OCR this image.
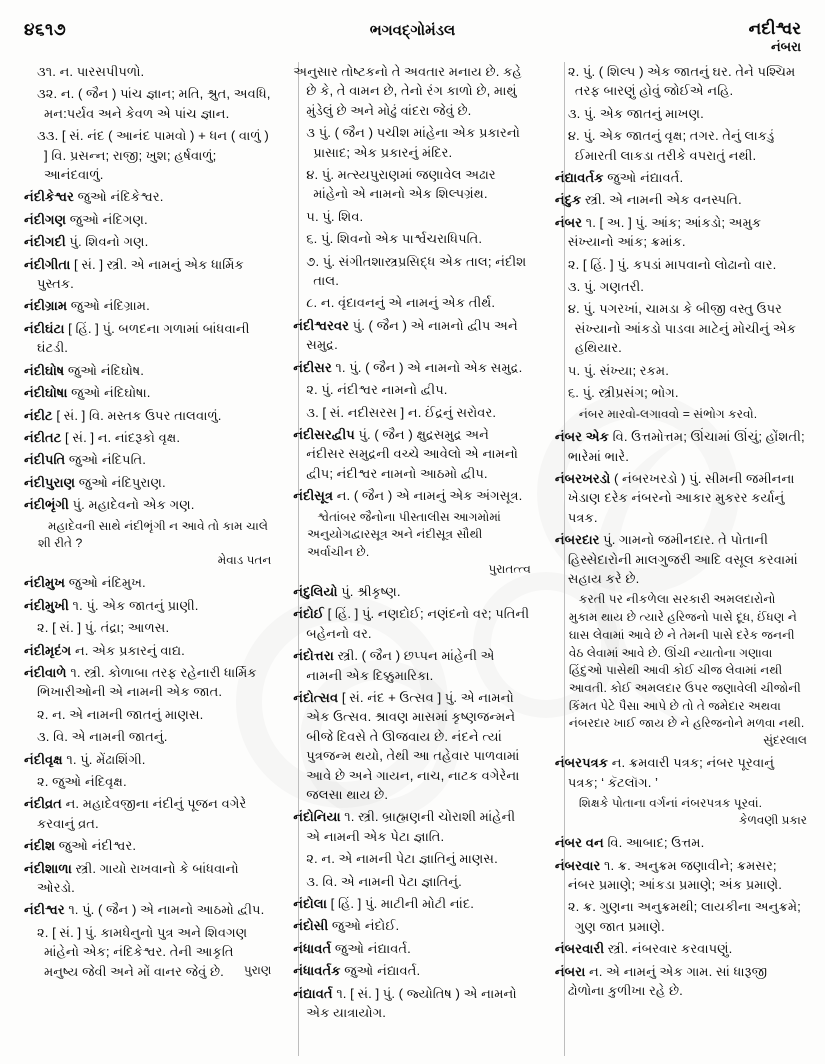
૪૬૧૭	ભગવદ્ગોમંડલ	નદીશ્વર
નંબરા

૩૧. ન. પારસપીપળો.

૩૨. ન. ( જૈન ) પાંચ જ્ઞાન; મતિ, શ્રુત, અવધિ, મન:પર્યવ અને કેવળ એ પાંચ જ્ઞાન.

૩૩. [ સં. નંદ ( આનંદ પામવો ) + ધન ( વાળું ) ] વિ. પ્રસન્ન; રાજી; ખુશ; હર્ષવાળું; આનંદવાળું.

નંદીકેશ્વર જુઓ નંદિકેશ્વર.

નંદીગણ જુઓ નંદિગણ.

નંદીગદી પું. શિવનો ગણ.

નંદીગીતા [ સં. ] સ્ત્રી. એ નામનું એક ધાર્મિક પુસ્તક.

નંદીગ્રામ જુઓ નંદિગ્રામ.

નંદીઘંટા [ હિં. ] પું. બળદના ગળામાં બાંધવાની ઘંટડી.

નંદીઘોષ જુઓ નંદિઘોષ.

નંદીઘોષા જુઓ નંદિઘોષા.

નંદીટ [ સં. ] વિ. મસ્તક ઉપર તાલવાળું.

નંદીતટ [ સં. ] ન. નાંદરૂકો વૃક્ષ.

નંદીપતિ જુઓ નંદિપતિ.

નંદીપુરાણ જુઓ નંદિપુરાણ.

નંદીભૃંગી પું. મહાદેવનો એક ગણ.

મહાદેવની સાથે નંદીભૃંગી ન આવે તો કામ ચાલે શી રીતે ?
મેવાડ પતન

નંદીમુખ જુઓ નંદિમુખ.

નંદીમુખી ૧. પું. એક જાતનું પ્રાણી.

૨. [ સં. ] પું. તંદ્રા; આળસ.

નંદીમૃદંગ ન. એક પ્રકારનું વાદ્ય.

નંદીવાળે ૧. સ્ત્રી. કોળાબા તરફ રહેનારી ધાર્મિક ભિખારીઓની એ નામની એક જાત.

૨. ન. એ નામની જાતનું માણસ.

૩. વિ. એ નામની જાતનું.

નંદીવૃક્ષ ૧. પું. મેંઢાશિંગી.

૨. જુઓ નંદિવૃક્ષ.

નંદીવ્રત ન. મહાદેવજીના નંદીનું પૂજન વગેરે કરવાનું વ્રત.

નંદીશ જુઓ નંદીશ્વર.

નંદીશાળા સ્ત્રી. ગાયો રાખવાનો કે બાંધવાનો ઓરડો.

નંદીશ્વર ૧. પું. ( જૈન ) એ નામનો આઠમો દ્વીપ.

૨. [ સં. ] પું. કામધેનુનો પુત્ર અને શિવગણ માંહેનો એક; નંદિકેશ્વર. તેની આકૃતિ મનુષ્ય જેવી અને મોં વાનર જેવું છે. પુરાણ

અનુસાર તોષ્ટકનો તે અવતાર મનાય છે. કહે છે કે, તે વામન છે, તેનો રંગ કાળો છે, માથું મુંડેલું છે અને મોઢું વાંદરા જેવું છે.

૩ પું. ( જૈન ) પચીશ માંહેના એક પ્રકારનો પ્રાસાદ; એક પ્રકારનું મંદિર.

૪. પું. મત્સ્યપુરાણમાં જણાવેલ અઢાર માંહેનો એ નામનો એક શિલ્પગ્રંથ.

૫. પું. શિવ.

૬. પું. શિવનો એક પાર્શ્વચરાધિપતિ.

૭. પું. સંગીતશાસ્ત્રપ્રસિદ્ધ એક તાલ; નંદીશ તાલ.

૮. ન. વૃંદાવનનું એ નામનું એક તીર્થ.

નંદીશ્વરવર પું. ( જૈન ) એ નામનો દ્વીપ અને સમુદ્ર.

નંદીસર ૧. પું. ( જૈન ) એ નામનો એક સમુદ્ર.

૨. પું. નંદીશ્વર નામનો દ્વીપ.

૩. [ સં. નદીસરસ ] ન. ઈંદ્રનું સરોવર.

નંદીસરદ્વીપ પું. ( જૈન ) ક્ષુદ્રસમુદ્ર અને નંદીસર સમુદ્રની વચ્ચે આવેલો એ નામનો દ્વીપ; નંદીશ્વર નામનો આઠમો દ્વીપ.

નંદીસૂત્ર ન. ( જૈન ) એ નામનું એક અંગસૂત્ર.

શ્વેતાંબર જૈનોના પીસ્તાલીસ આગમોમાં અનુયોગદ્વારસૂત્ર અને નંદીસૂત્ર સૌથી અર્વાચીન છે.
પુરાતત્ત્વ

નંદુલિયો પું. શ્રીકૃષ્ણ.

નંદોઈ [ હિં. ] પું. નણદોઈ; નણંદનો વર; પતિની બહેનનો વર.

નંદોત્તરા સ્ત્રી. ( જૈન ) છપ્પન માંહેની એ નામની એક દિક્કુમારિકા.

નંદોત્સવ [ સં. નંદ + ઉત્સવ ] પું. એ નામનો એક ઉત્સવ. શ્રાવણ માસમાં કૃષ્ણજન્મને બીજે દિવસે તે ઊજવાય છે. નંદને ત્યાં પુત્રજન્મ થયો, તેથી આ તહેવાર પાળવામાં આવે છે અને ગાયન, નાચ, નાટક વગેરેના જલસા થાય છે.

નંદોનિયા ૧. સ્ત્રી. બ્રાહ્મણની ચોરાશી માંહેની એ નામની એક પેટા જ્ઞાતિ.

૨. ન. એ નામની પેટા જ્ઞાતિનું માણસ.

૩. વિ. એ નામની પેટા જ્ઞાતિનું.

નંદોલા [ હિં. ] પું. માટીની મોટી નાંદ.

નંદોસી જુઓ નંદોઈ.

નંધાવર્ત જુઓ નંદ્યાવર્ત.

નંધાવર્તક જુઓ નંદ્યાવર્ત.

નંદ્યાવર્ત ૧. [ સં. ] પું. ( જ્યોતિષ ) એ નામનો એક યાત્રાયોગ.

૨. પું. ( શિલ્પ ) એક જાતનું ઘર. તેને પશ્ચિમ તરફ બારણું હોવું જોઈએ નહિ.

૩. પું. એક જાતનું માખણ.

૪. પું. એક જાતનું વૃક્ષ; તગર. તેનું લાકડું ઈમારતી લાકડા તરીકે વપરાતું નથી.

નંદ્યાવર્તક જુઓ નંદ્યાવર્ત.

નંદુક સ્ત્રી. એ નામની એક વનસ્પતિ.

નંબર ૧. [ અ. ] પું. આંક; આંકડો; અમુક સંખ્યાનો આંક; ક્રમાંક.

૨. [ હિં. ] પું. કપડાં માપવાનો લોઢાનો વાર.

૩. પું. ગણતરી.

૪. પું. પગરખાં, ચામડા કે બીજી વસ્તુ ઉપર સંખ્યાનો આંકડો પાડવા માટેનું મોચીનું એક હથિયાર.

૫. પું. સંખ્યા; રકમ.

૬. પું. સ્ત્રીપ્રસંગ; ભોગ.

નંબર મારવો-લગાવવો = સંભોગ કરવો.

નંબર એક વિ. ઉત્તમોત્તમ; ઊંચામાં ઊંચું; હોંશતી; ભારેમાં ભારે.

નંબરખરડો ( નંબરખરડો ) પું. સીમની જમીનના ખેડાણ દરેક નંબરનો આકાર મુકરર કર્યાનું પત્રક.

નંબરદાર પું. ગામનો જમીનદાર. તે પોતાની હિસ્સેદારોની માલગુજરી આદિ વસૂલ કરવામાં સહાય કરે છે.

કરતી પર નીકળેલા સરકારી અમલદારોનો મુકામ થાય છે ત્યારે હરિજનો પાસે દૂધ, ઈંધણ ને ઘાસ લેવામાં આવે છે ને તેમની પાસે દરેક જનની વેઠ લેવામાં આવે છે. ઊંચી ન્યાતોના ગણાવા હિંદુઓ પાસેથી આવી કોઈ ચીજ લેવામાં નથી આવતી. કોઈ અમલદાર ઉપર જણાવેલી ચીજોની કિંમત પેટે પૈસા આપે છે તો તે જમેદાર અથવા નંબરદાર ખાઈ જાય છે ને હરિજનોને મળવા નથી.
સુંદરલાલ

નંબરપત્રક ન. ક્રમવારી પત્રક; નંબર પૂરવાનું પત્રક; ‘ કૅટલૉગ. ’

શિક્ષકે પોતાના વર્ગનાં નંબરપત્રક પૂરવાં.
કેળવણી પ્રકાર

નંબર વન વિ. આબાદ; ઉત્તમ.

નંબરવાર ૧. ક્ર. અનુક્રમ જણાવીને; ક્રમસર; નંબર પ્રમાણે; આંકડા પ્રમાણે; અંક પ્રમાણે.

૨. ક્ર. ગુણના અનુક્રમથી; લાયકીના અનુક્રમે; ગુણ જાત પ્રમાણે.

નંબરવારી સ્ત્રી. નંબરવાર કરવાપણું.

નંબરા ન. એ નામનું એક ગામ. સાં ધારૂજી ઢોળોના કુળીખા રહે છે.
